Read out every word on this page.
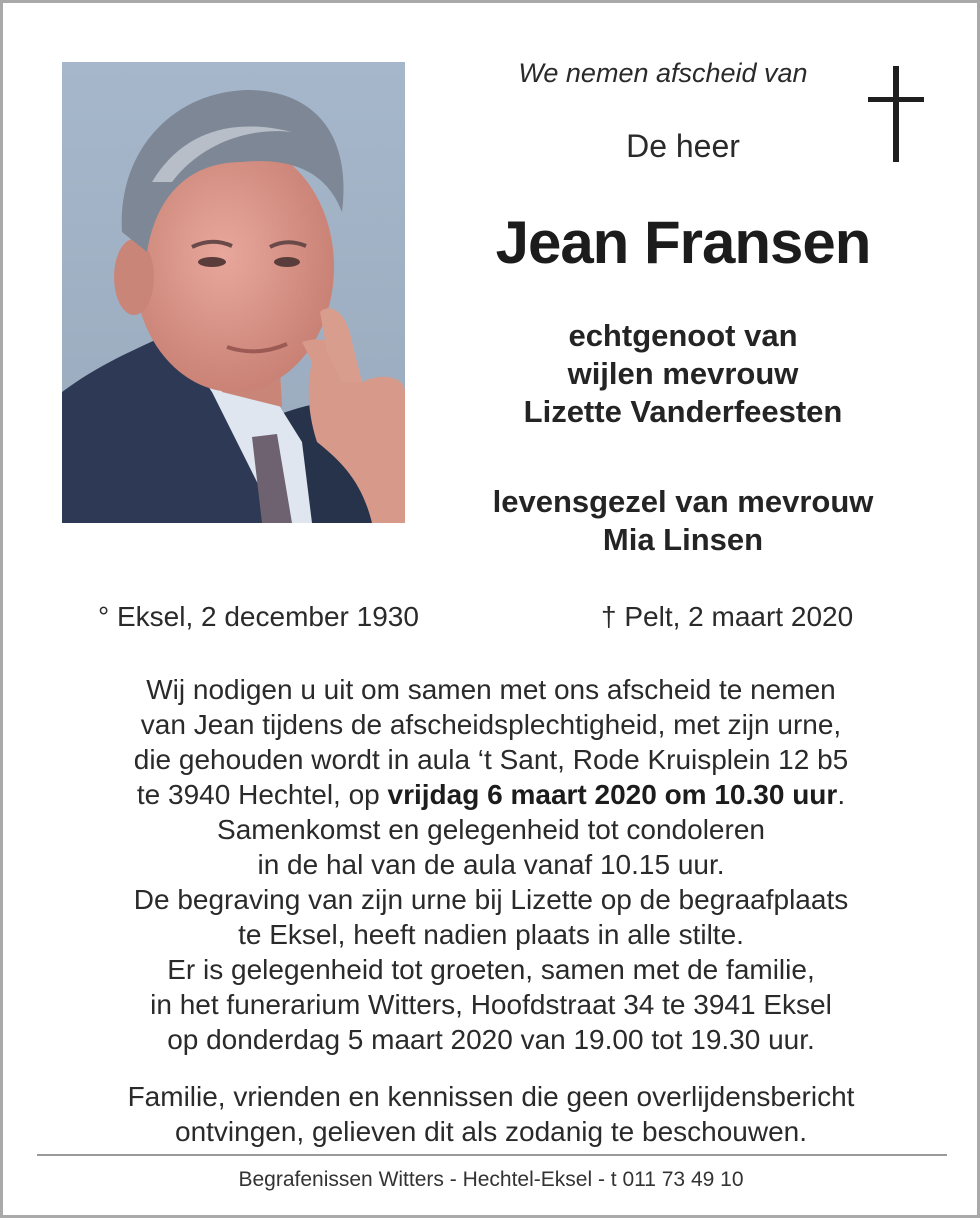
We nemen afscheid van
De heer
Jean Fransen
echtgenoot van
wijlen mevrouw
Lizette Vanderfeesten
levensgezel van mevrouw
Mia Linsen
° Eksel, 2 december 1930	† Pelt, 2 maart 2020
Wij nodigen u uit om samen met ons afscheid te nemen
van Jean tijdens de afscheidsplechtigheid, met zijn urne,
die gehouden wordt in aula ‘t Sant, Rode Kruisplein 12 b5
te 3940 Hechtel, op vrijdag 6 maart 2020 om 10.30 uur.
Samenkomst en gelegenheid tot condoleren
in de hal van de aula vanaf 10.15 uur.
De begraving van zijn urne bij Lizette op de begraafplaats
te Eksel, heeft nadien plaats in alle stilte.
Er is gelegenheid tot groeten, samen met de familie,
in het funerarium Witters, Hoofdstraat 34 te 3941 Eksel
op donderdag 5 maart 2020 van 19.00 tot 19.30 uur.
Familie, vrienden en kennissen die geen overlijdensbericht
ontvingen, gelieven dit als zodanig te beschouwen.
Begrafenissen Witters - Hechtel-Eksel - t 011 73 49 10
